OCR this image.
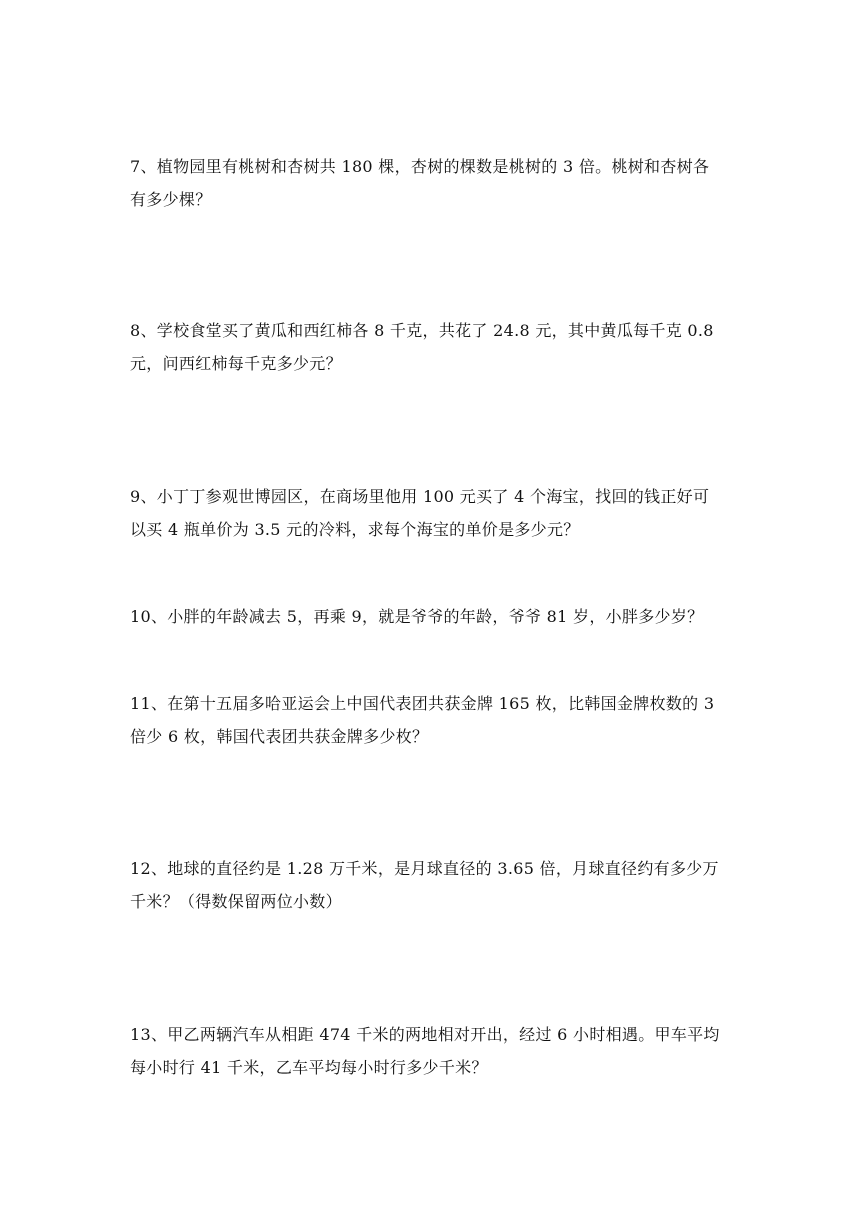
7、植物园里有桃树和杏树共 180 棵，杏树的棵数是桃树的 3 倍。桃树和杏树各
有多少棵？

8、学校食堂买了黄瓜和西红柿各 8 千克，共花了 24.8 元，其中黄瓜每千克 0.8
元，问西红柿每千克多少元？

9、小丁丁参观世博园区，在商场里他用 100 元买了 4 个海宝，找回的钱正好可
以买 4 瓶单价为 3.5 元的冷料，求每个海宝的单价是多少元？

10、小胖的年龄减去 5，再乘 9，就是爷爷的年龄，爷爷 81 岁，小胖多少岁？

11、在第十五届多哈亚运会上中国代表团共获金牌 165 枚，比韩国金牌枚数的 3
倍少 6 枚，韩国代表团共获金牌多少枚？

12、地球的直径约是 1.28 万千米，是月球直径的 3.65 倍，月球直径约有多少万
千米？（得数保留两位小数）

13、甲乙两辆汽车从相距 474 千米的两地相对开出，经过 6 小时相遇。甲车平均
每小时行 41 千米，乙车平均每小时行多少千米？
